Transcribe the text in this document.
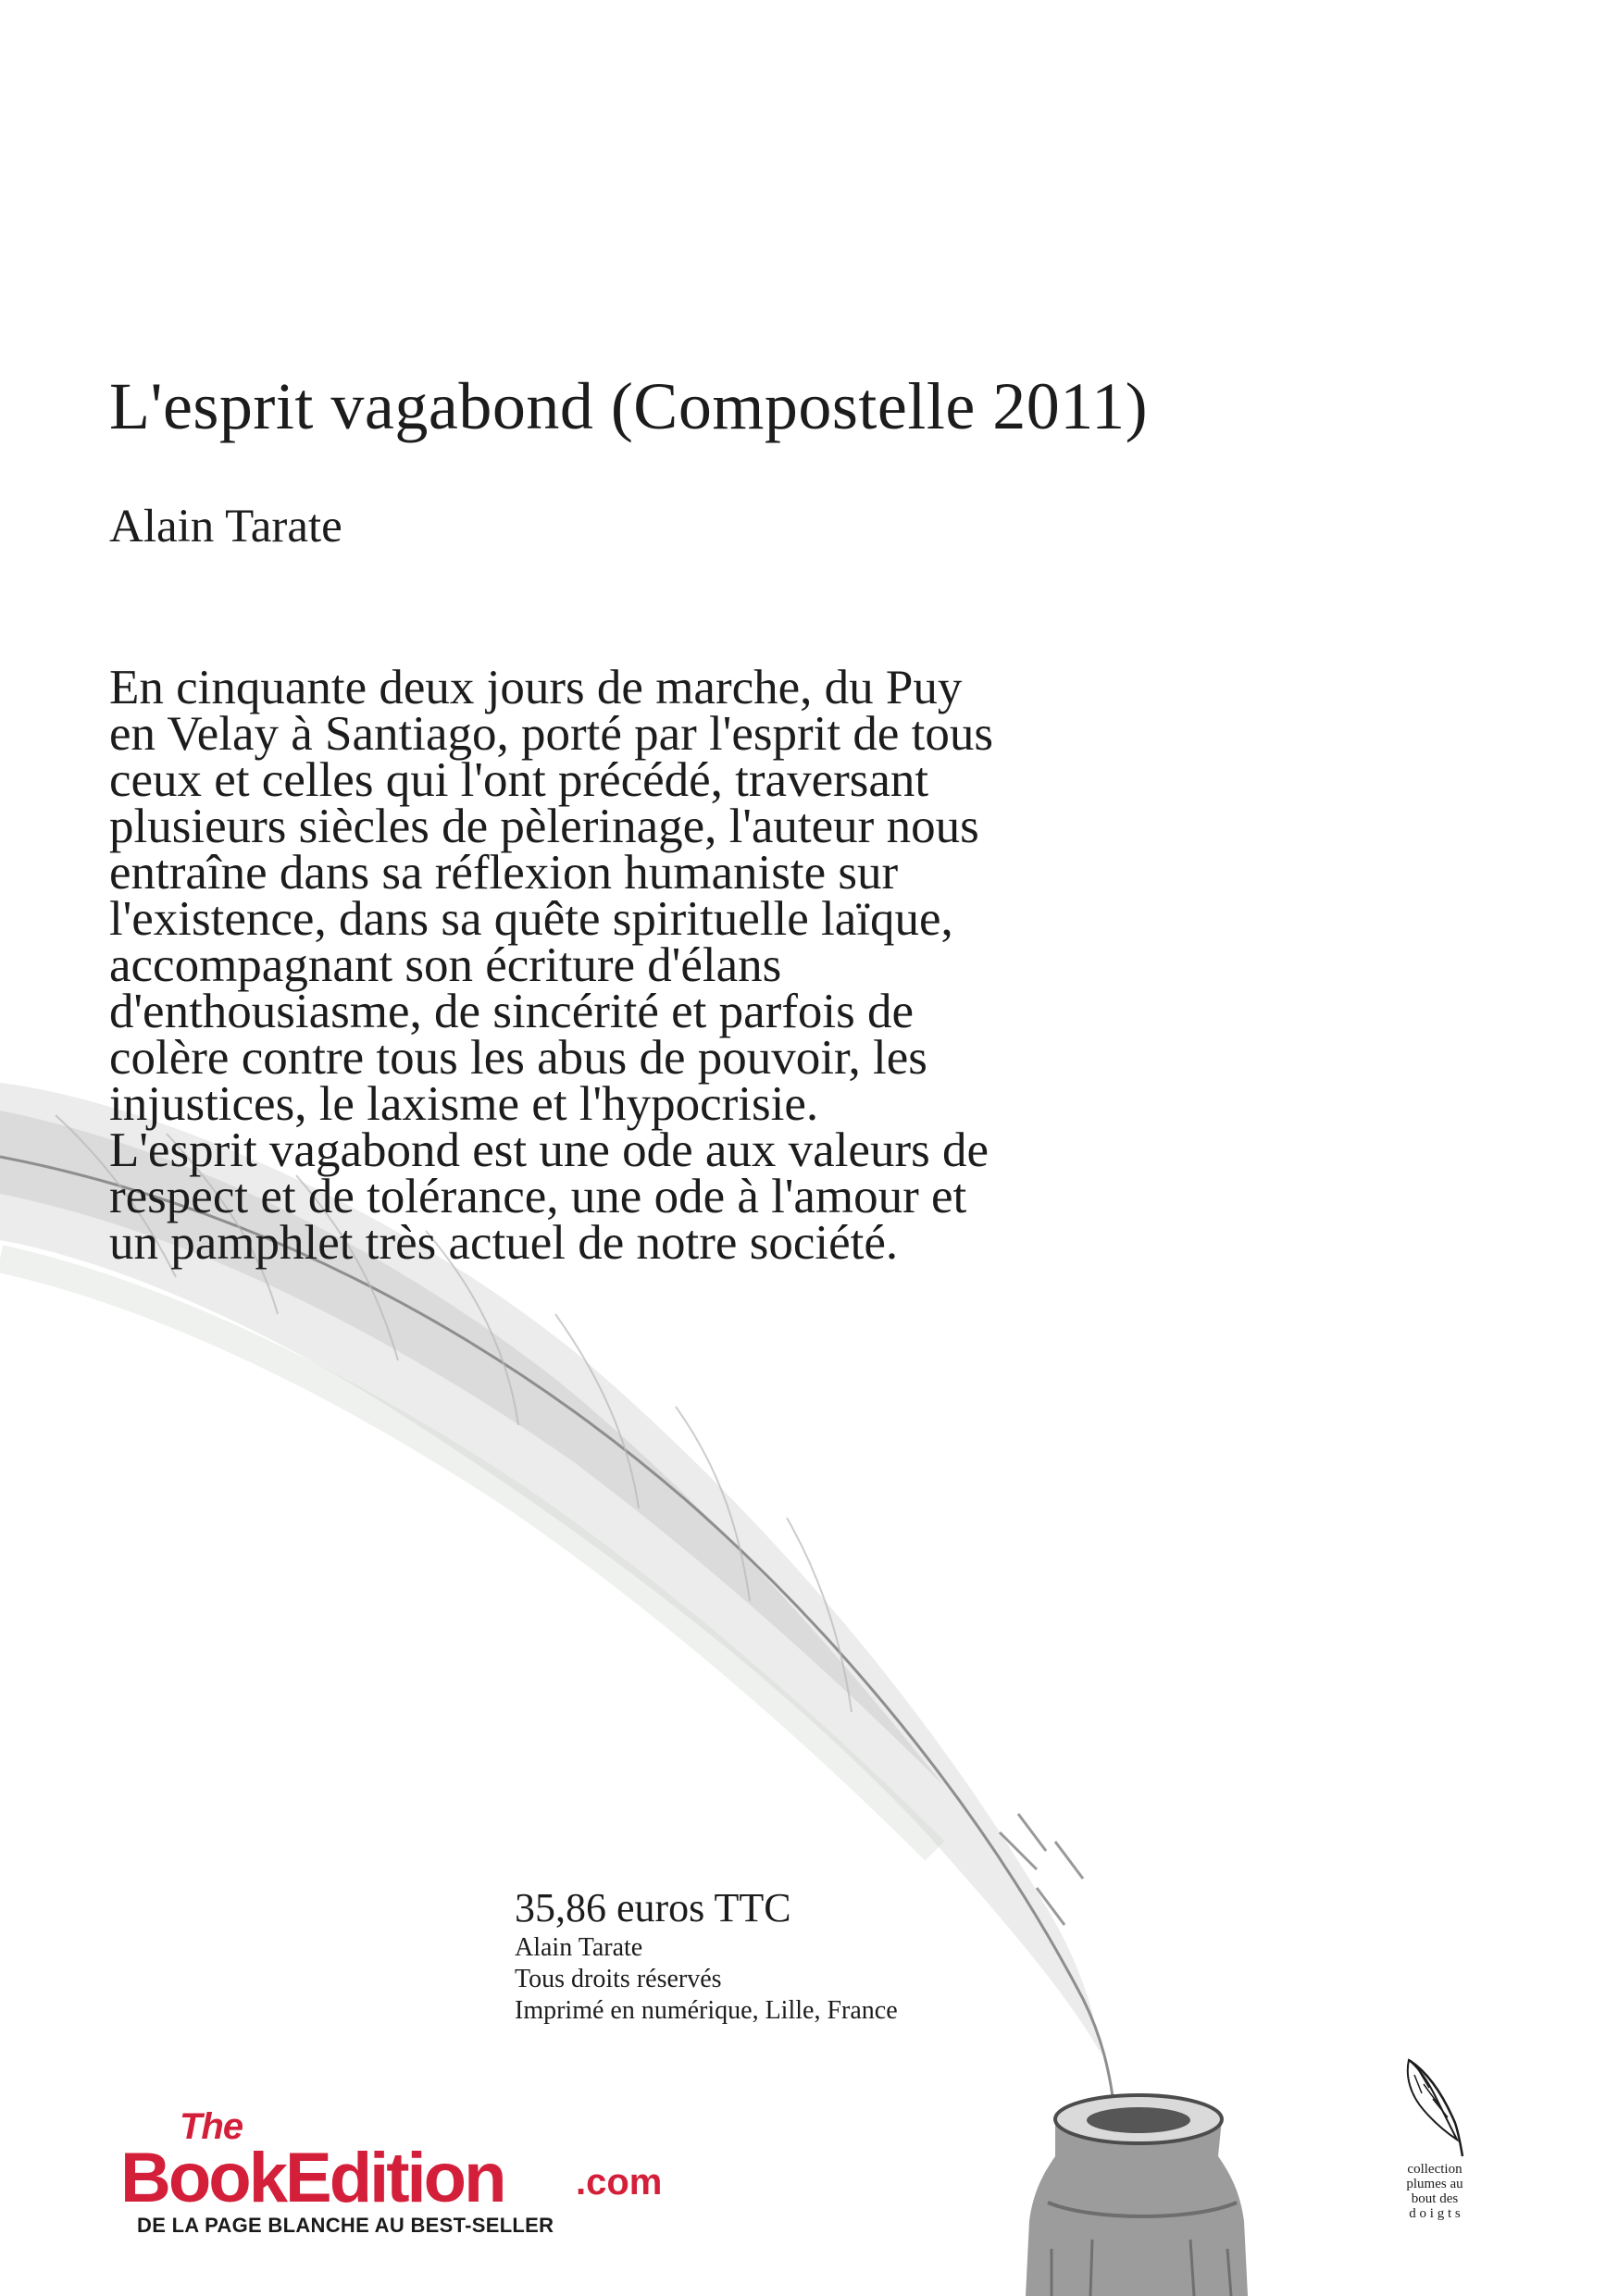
L'esprit vagabond (Compostelle 2011)
Alain Tarate

En cinquante deux jours de marche, du Puy
en Velay à Santiago, porté par l'esprit de tous
ceux et celles qui l'ont précédé, traversant
plusieurs siècles de pèlerinage, l'auteur nous
entraîne dans sa réflexion humaniste sur
l'existence, dans sa quête spirituelle laïque,
accompagnant son écriture d'élans
d'enthousiasme, de sincérité et parfois de
colère contre tous les abus de pouvoir, les
injustices, le laxisme et l'hypocrisie.
L'esprit vagabond est une ode aux valeurs de
respect et de tolérance, une ode à l'amour et
un pamphlet très actuel de notre société.

35,86 euros TTC
Alain Tarate
Tous droits réservés
Imprimé en numérique, Lille, France
The
BookEdition .com
DE LA PAGE BLANCHE AU BEST-SELLER
collection
plumes au
bout des
d o i g t s
